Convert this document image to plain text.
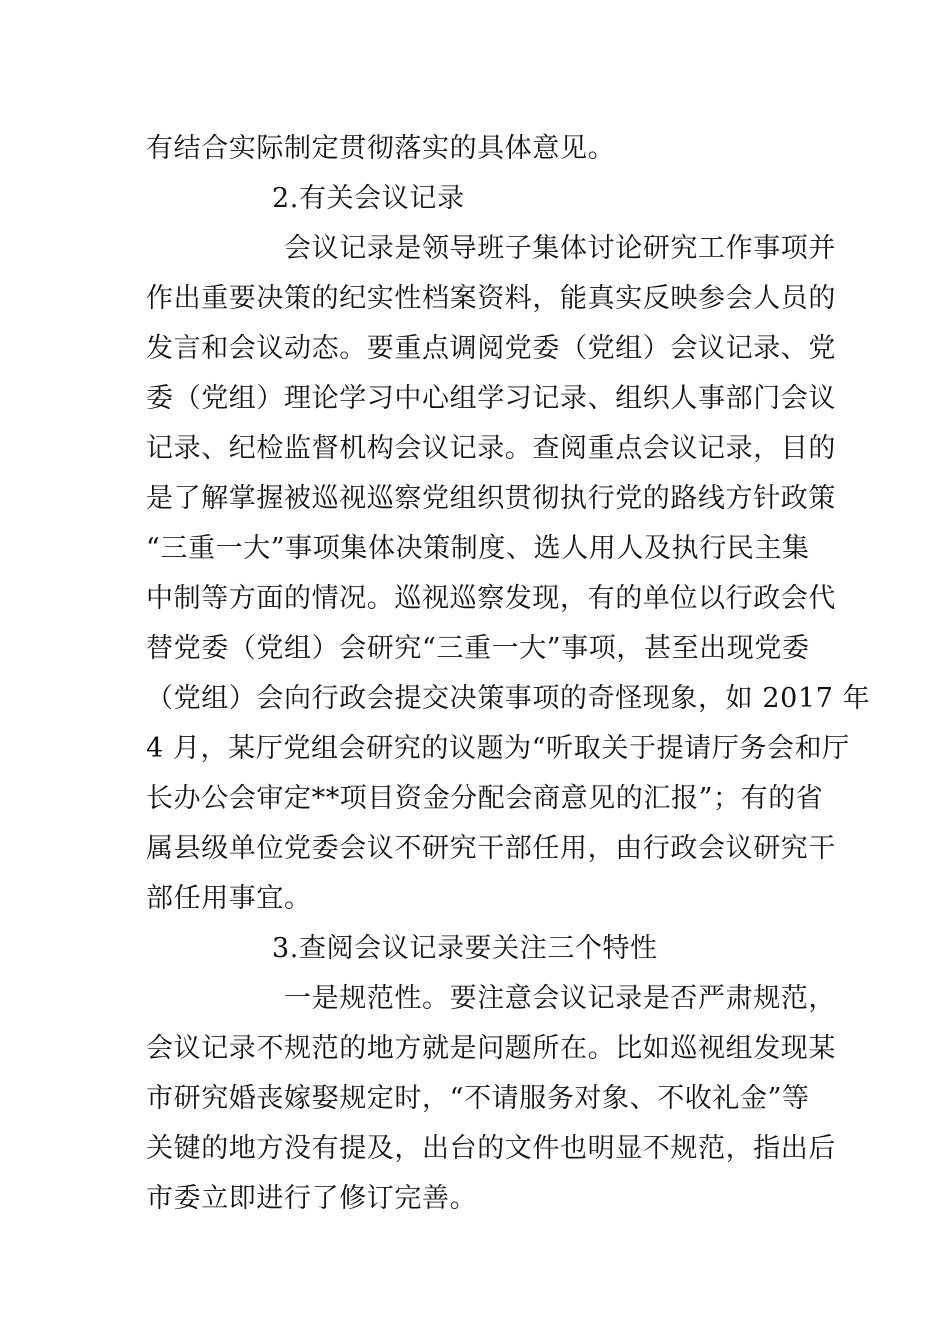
有结合实际制定贯彻落实的具体意见。
2.有关会议记录
会议记录是领导班子集体讨论研究工作事项并
作出重要决策的纪实性档案资料，能真实反映参会人员的
发言和会议动态。要重点调阅党委（党组）会议记录、党
委（党组）理论学习中心组学习记录、组织人事部门会议
记录、纪检监督机构会议记录。查阅重点会议记录，目的
是了解掌握被巡视巡察党组织贯彻执行党的路线方针政策
“三重一大”事项集体决策制度、选人用人及执行民主集
中制等方面的情况。巡视巡察发现，有的单位以行政会代
替党委（党组）会研究“三重一大”事项，甚至出现党委
（党组）会向行政会提交决策事项的奇怪现象，如 2017 年
4 月，某厅党组会研究的议题为“听取关于提请厅务会和厅
长办公会审定**项目资金分配会商意见的汇报”；有的省
属县级单位党委会议不研究干部任用，由行政会议研究干
部任用事宜。
3.查阅会议记录要关注三个特性
一是规范性。要注意会议记录是否严肃规范，
会议记录不规范的地方就是问题所在。比如巡视组发现某
市研究婚丧嫁娶规定时，“不请服务对象、不收礼金”等
关键的地方没有提及，出台的文件也明显不规范，指出后
市委立即进行了修订完善。
